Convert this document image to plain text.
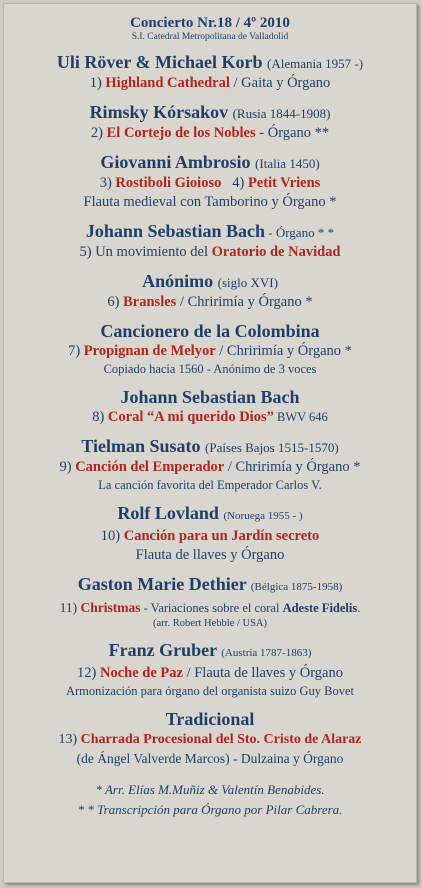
Concierto Nr.18 / 4º 2010
S.I. Catedral Metropolitana de Valladolid
Uli Röver & Michael Korb (Alemania 1957 -)
1) Highland Cathedral / Gaita y Órgano
Rimsky Kórsakov (Rusia 1844-1908)
2) El Cortejo de los Nobles - Órgano **
Giovanni Ambrosio (Italia 1450)
3) Rostiboli Gioioso 4) Petit Vriens
Flauta medieval con Tamborino y Órgano *
Johann Sebastian Bach - Órgano * *
5) Un movimiento del Oratorio de Navidad
Anónimo (siglo XVI)
6) Bransles / Chririmía y Órgano *
Cancionero de la Colombina
7) Propignan de Melyor / Chririmía y Órgano *
Copiado hacia 1560 - Anónimo de 3 voces
Johann Sebastian Bach
8) Coral “A mi querido Dios” BWV 646
Tielman Susato (Países Bajos 1515-1570)
9) Canción del Emperador / Chririmía y Órgano *
La canción favorita del Emperador Carlos V.
Rolf Lovland (Noruega 1955 - )
10) Canción para un Jardín secreto
Flauta de llaves y Órgano
Gaston Marie Dethier (Bélgica 1875-1958)
11) Christmas - Variaciones sobre el coral Adeste Fidelis.
(arr. Robert Hebble / USA)
Franz Gruber (Austria 1787-1863)
12) Noche de Paz / Flauta de llaves y Órgano
Armonización para órgano del organista suizo Guy Bovet
Tradicional
13) Charrada Procesional del Sto. Cristo de Alaraz
(de Ángel Valverde Marcos) - Dulzaina y Órgano
* Arr. Elías M.Muñiz & Valentín Benabides.
* * Transcripción para Órgano por Pilar Cabrera.
